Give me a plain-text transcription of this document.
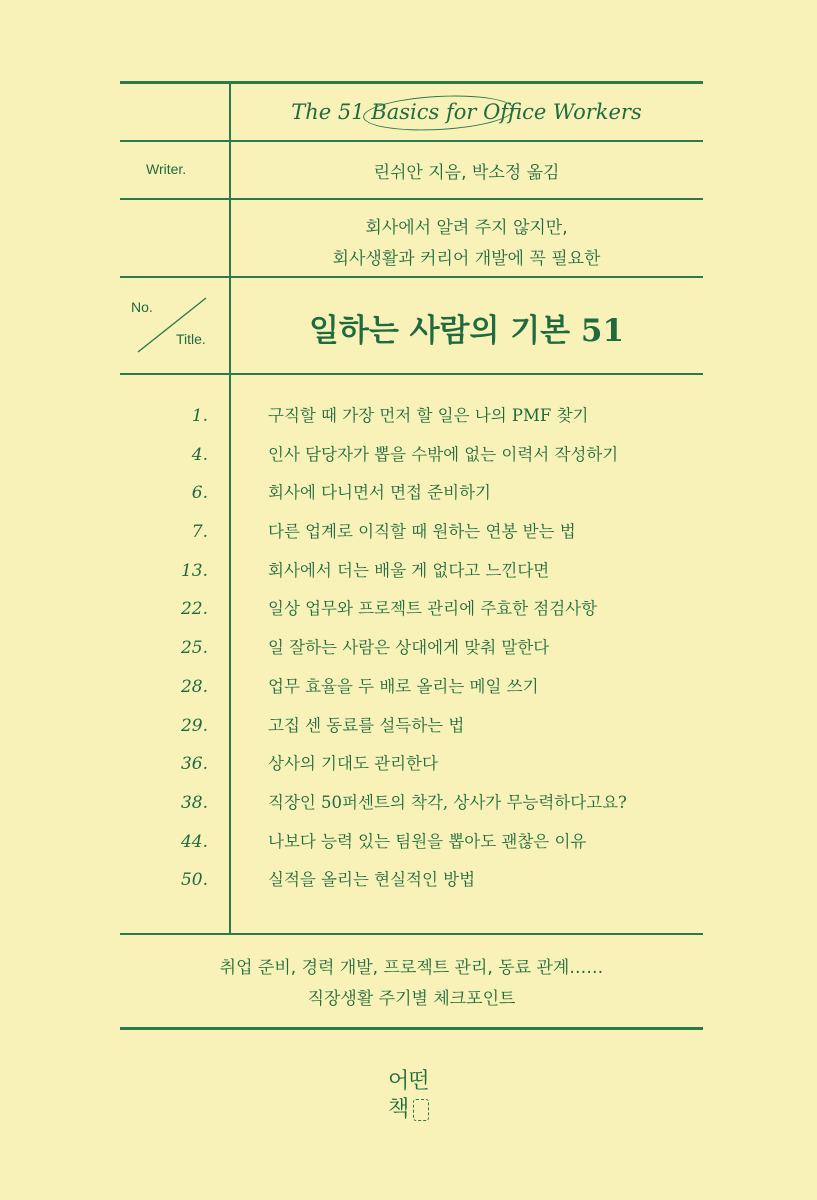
The 51 Basics for Office Workers
Writer.	린쉬안 지음, 박소정 옮김
회사에서 알려 주지 않지만,
회사생활과 커리어 개발에 꼭 필요한
No.
Title.	일하는 사람의 기본 51
1.	구직할 때 가장 먼저 할 일은 나의 PMF 찾기
4.	인사 담당자가 뽑을 수밖에 없는 이력서 작성하기
6.	회사에 다니면서 면접 준비하기
7.	다른 업계로 이직할 때 원하는 연봉 받는 법
13.	회사에서 더는 배울 게 없다고 느낀다면
22.	일상 업무와 프로젝트 관리에 주효한 점검사항
25.	일 잘하는 사람은 상대에게 맞춰 말한다
28.	업무 효율을 두 배로 올리는 메일 쓰기
29.	고집 센 동료를 설득하는 법
36.	상사의 기대도 관리한다
38.	직장인 50퍼센트의 착각, 상사가 무능력하다고요?
44.	나보다 능력 있는 팀원을 뽑아도 괜찮은 이유
50.	실적을 올리는 현실적인 방법
취업 준비, 경력 개발, 프로젝트 관리, 동료 관계……
직장생활 주기별 체크포인트
어떤
책
